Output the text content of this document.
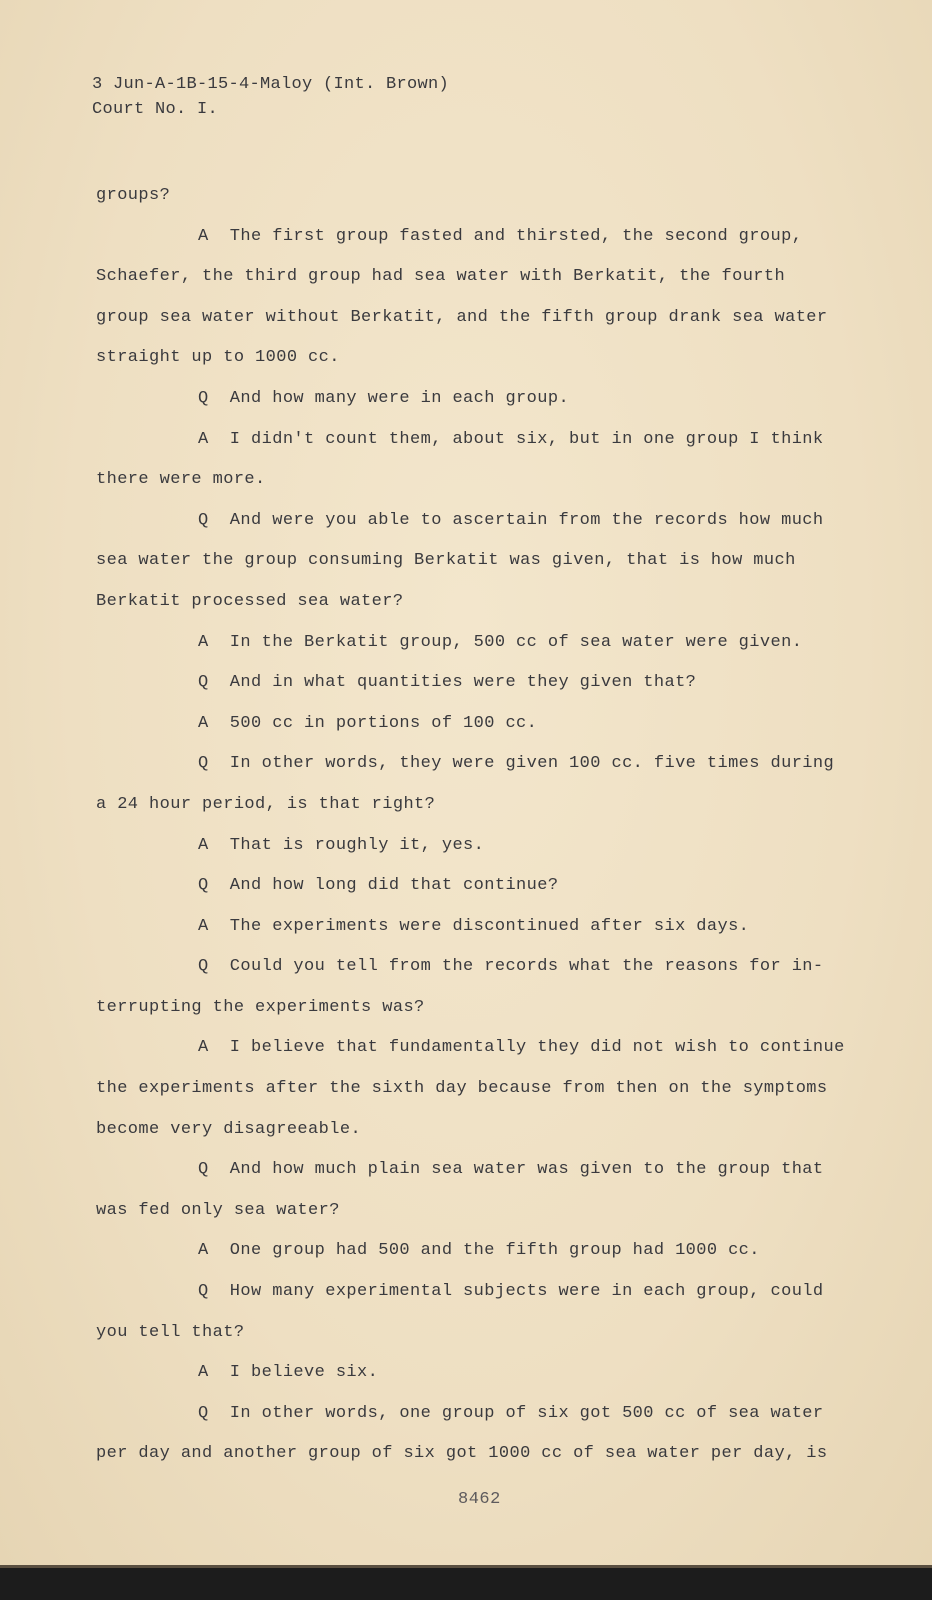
3 Jun-A-1B-15-4-Maloy (Int. Brown)
Court No. I.
groups?
A  The first group fasted and thirsted, the second group,
Schaefer, the third group had sea water with Berkatit, the fourth
group sea water without Berkatit, and the fifth group drank sea water
straight up to 1000 cc.
Q  And how many were in each group.
A  I didn't count them, about six, but in one group I think
there were more.
Q  And were you able to ascertain from the records how much
sea water the group consuming Berkatit was given, that is how much
Berkatit processed sea water?
A  In the Berkatit group, 500 cc of sea water were given.
Q  And in what quantities were they given that?
A  500 cc in portions of 100 cc.
Q  In other words, they were given 100 cc. five times during
a 24 hour period, is that right?
A  That is roughly it, yes.
Q  And how long did that continue?
A  The experiments were discontinued after six days.
Q  Could you tell from the records what the reasons for in-
terrupting the experiments was?
A  I believe that fundamentally they did not wish to continue
the experiments after the sixth day because from then on the symptoms
become very disagreeable.
Q  And how much plain sea water was given to the group that
was fed only sea water?
A  One group had 500 and the fifth group had 1000 cc.
Q  How many experimental subjects were in each group, could
you tell that?
A  I believe six.
Q  In other words, one group of six got 500 cc of sea water
per day and another group of six got 1000 cc of sea water per day, is
8462
